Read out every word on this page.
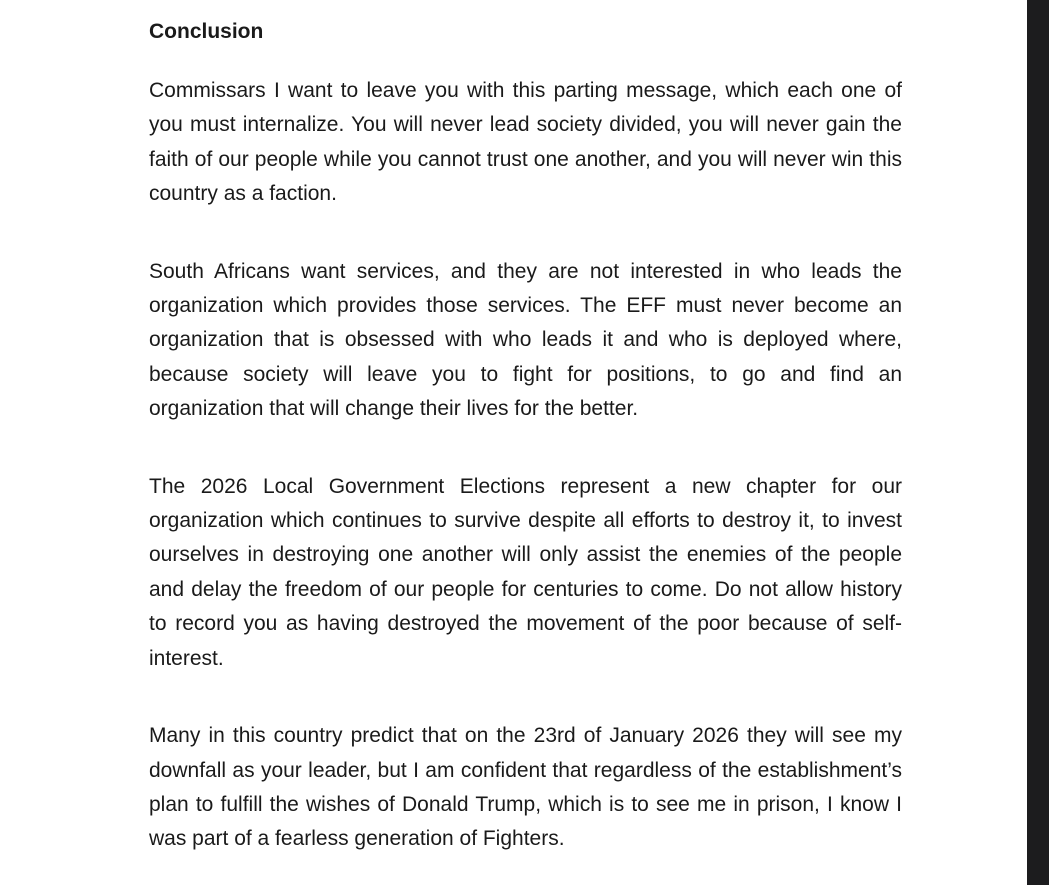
Conclusion

Commissars I want to leave you with this parting message, which each one of you must internalize. You will never lead society divided, you will never gain the faith of our people while you cannot trust one another, and you will never win this country as a faction.

South Africans want services, and they are not interested in who leads the organization which provides those services. The EFF must never become an organization that is obsessed with who leads it and who is deployed where, because society will leave you to fight for positions, to go and find an organization that will change their lives for the better.

The 2026 Local Government Elections represent a new chapter for our organization which continues to survive despite all efforts to destroy it, to invest ourselves in destroying one another will only assist the enemies of the people and delay the freedom of our people for centuries to come. Do not allow history to record you as having destroyed the movement of the poor because of self-interest.

Many in this country predict that on the 23rd of January 2026 they will see my downfall as your leader, but I am confident that regardless of the establishment’s plan to fulfill the wishes of Donald Trump, which is to see me in prison, I know I was part of a fearless generation of Fighters.
